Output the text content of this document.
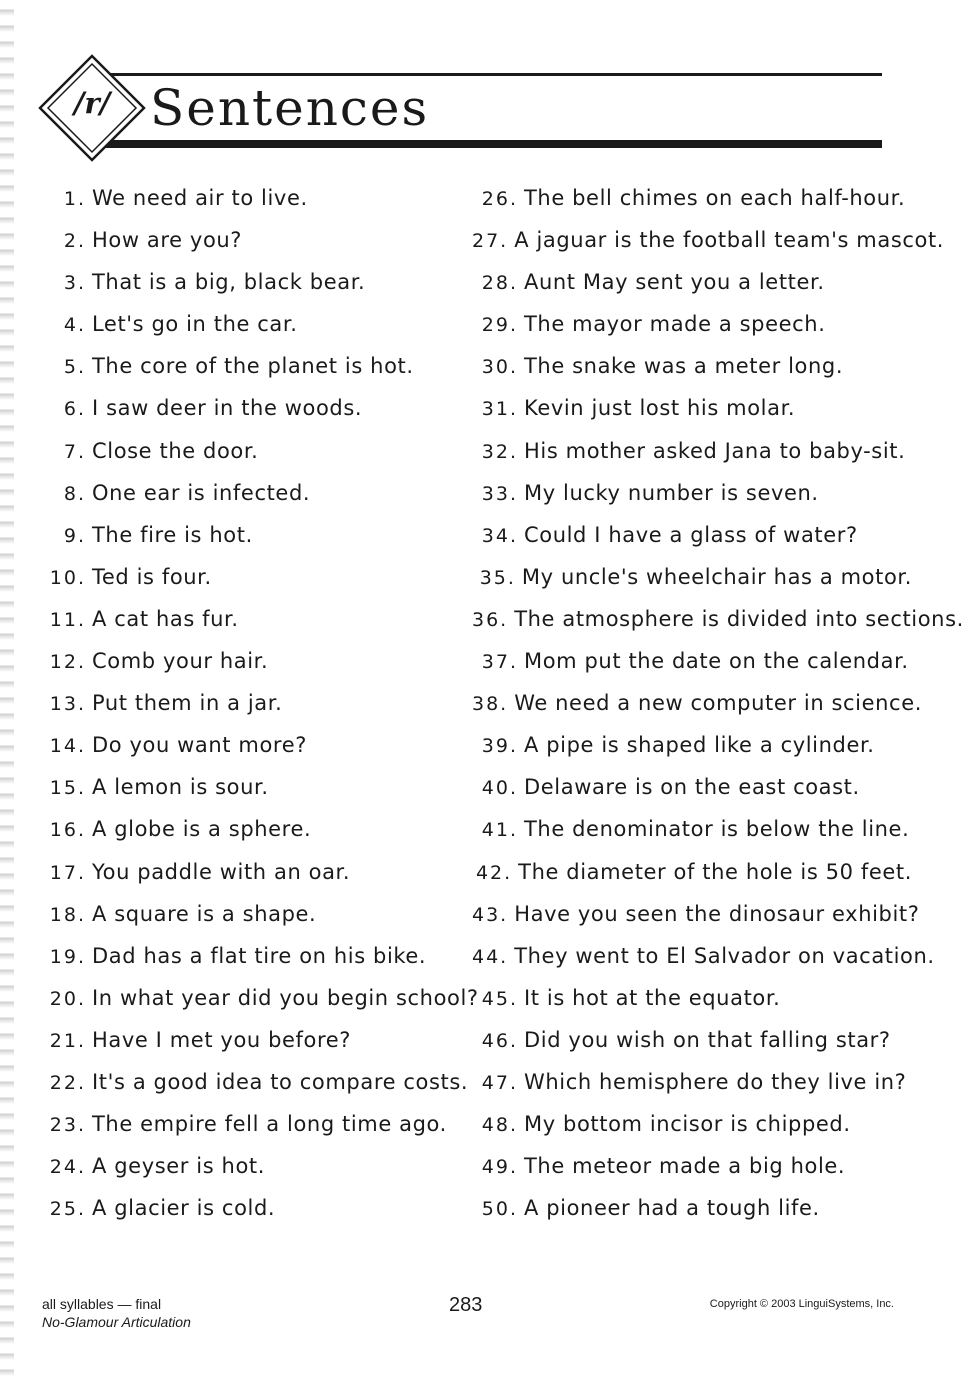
/r/ Sentences
1. We need air to live.
2. How are you?
3. That is a big, black bear.
4. Let's go in the car.
5. The core of the planet is hot.
6. I saw deer in the woods.
7. Close the door.
8. One ear is infected.
9. The fire is hot.
10. Ted is four.
11. A cat has fur.
12. Comb your hair.
13. Put them in a jar.
14. Do you want more?
15. A lemon is sour.
16. A globe is a sphere.
17. You paddle with an oar.
18. A square is a shape.
19. Dad has a flat tire on his bike.
20. In what year did you begin school?
21. Have I met you before?
22. It's a good idea to compare costs.
23. The empire fell a long time ago.
24. A geyser is hot.
25. A glacier is cold.
26. The bell chimes on each half-hour.
27. A jaguar is the football team's mascot.
28. Aunt May sent you a letter.
29. The mayor made a speech.
30. The snake was a meter long.
31. Kevin just lost his molar.
32. His mother asked Jana to baby-sit.
33. My lucky number is seven.
34. Could I have a glass of water?
35. My uncle's wheelchair has a motor.
36. The atmosphere is divided into sections.
37. Mom put the date on the calendar.
38. We need a new computer in science.
39. A pipe is shaped like a cylinder.
40. Delaware is on the east coast.
41. The denominator is below the line.
42. The diameter of the hole is 50 feet.
43. Have you seen the dinosaur exhibit?
44. They went to El Salvador on vacation.
45. It is hot at the equator.
46. Did you wish on that falling star?
47. Which hemisphere do they live in?
48. My bottom incisor is chipped.
49. The meteor made a big hole.
50. A pioneer had a tough life.
all syllables — final
No-Glamour Articulation
283	Copyright © 2003 LinguiSystems, Inc.
